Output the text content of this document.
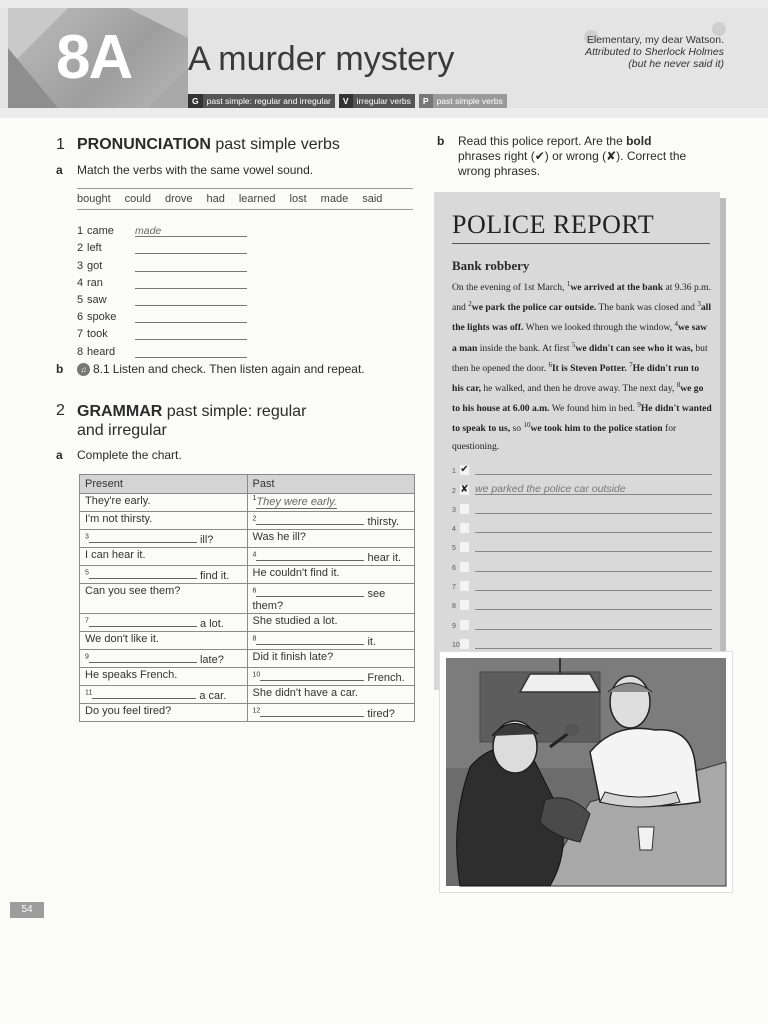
8A A murder mystery	Elementary, my dear Watson.
Attributed to Sherlock Holmes
(but he never said it)
G past simple: regular and irregular	V irregular verbs	P past simple verbs
1 PRONUNCIATION past simple verbs
a Match the verbs with the same vowel sound.
bought could drove had learned lost made said
1 came	made
2 left
3 got
4 ran
5 saw
6 spoke
7 took
8 heard
b	♫ 8.1 Listen and check. Then listen again and repeat.
2 GRAMMAR past simple: regular
and irregular
a Complete the chart.
Present	Past
They're early.	$^1$They were early.
I'm not thirsty.	$^2$ thirsty.
$^3$ ill?	Was he ill?
I can hear it.	$^4$ hear it.
$^5$ find it.	He couldn't find it.
Can you see them?	$^6$ see
them?
$^7$ a lot.	She studied a lot.
We don't like it.	$^8$ it.
$^9$ late?	Did it finish late?
He speaks French.	$^{10}$ French.
$^{11}$ a car.	She didn't have a car.
Do you feel tired?	$^{12}$ tired?
b Read this police report. Are the bold
phrases right (✔) or wrong (✘). Correct the
wrong phrases.
POLICE REPORT
Bank robbery
On the evening of 1st March, $^1$we arrived at the bank at 9.36 p.m. and $^2$we park the police car outside. The bank was closed and $^3$all the lights was off. When we looked through the window, $^4$we saw a man inside the bank. At first $^5$we didn't can see who it was, but then he opened the door. $^6$It is Steven Potter. $^7$He didn't run to his car, he walked, and then he drove away. The next day, $^8$we go to his house at 6.00 a.m. We found him in bed. $^9$He didn't wanted to speak to us, so $^{10}$we took him to the police station for questioning.
1 ✔
2 ✘ we parked the police car outside
3
4
5
6
7
8
9
10
54
